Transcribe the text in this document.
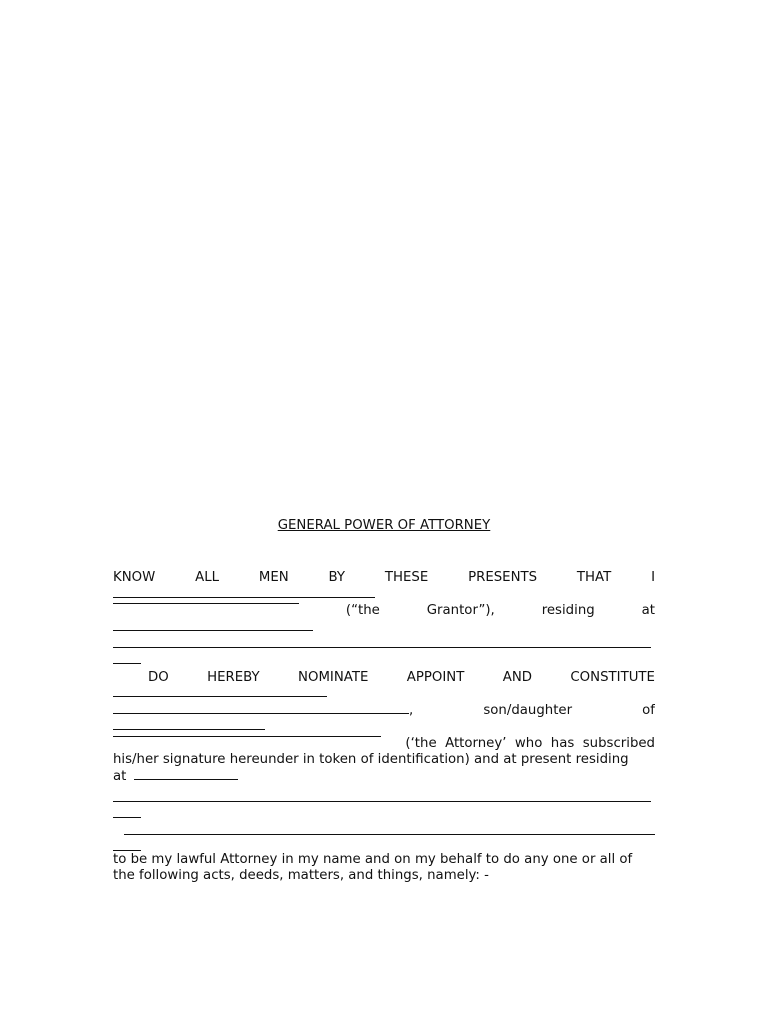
GENERAL POWER OF ATTORNEY
KNOW	ALL	MEN	BY	THESE	PRESENTS	THAT	I
(“the	Grantor”),	residing	at
DO	HEREBY	NOMINATE	APPOINT	AND	CONSTITUTE
,	son/daughter	of
(‘the  Attorney’  who  has  subscribed
his/her signature hereunder in token of identification) and at present residing
at
to be my lawful Attorney in my name and on my behalf to do any one or all of
the following acts, deeds, matters, and things, namely: -
